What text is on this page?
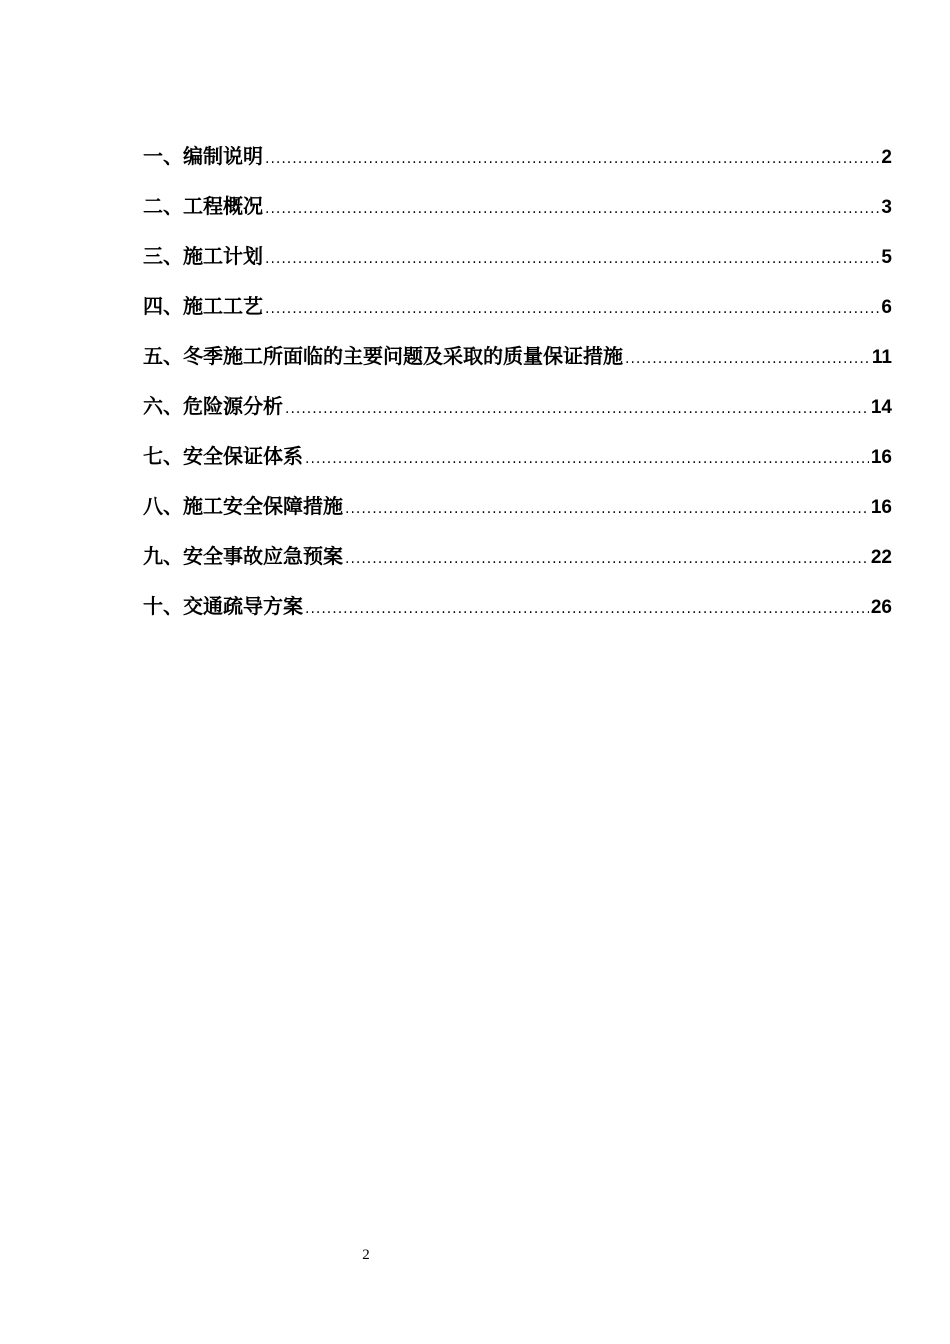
一、编制说明 .....	2
二、工程概况 .....	3
三、施工计划 .....	5
四、施工工艺 .....	6
五、冬季施工所面临的主要问题及采取的质量保证措施 .....	11
六、危险源分析 .....	14
七、安全保证体系 .....	16
八、施工安全保障措施 .....	16
九、安全事故应急预案 .....	22
十、交通疏导方案 .....	26
2
